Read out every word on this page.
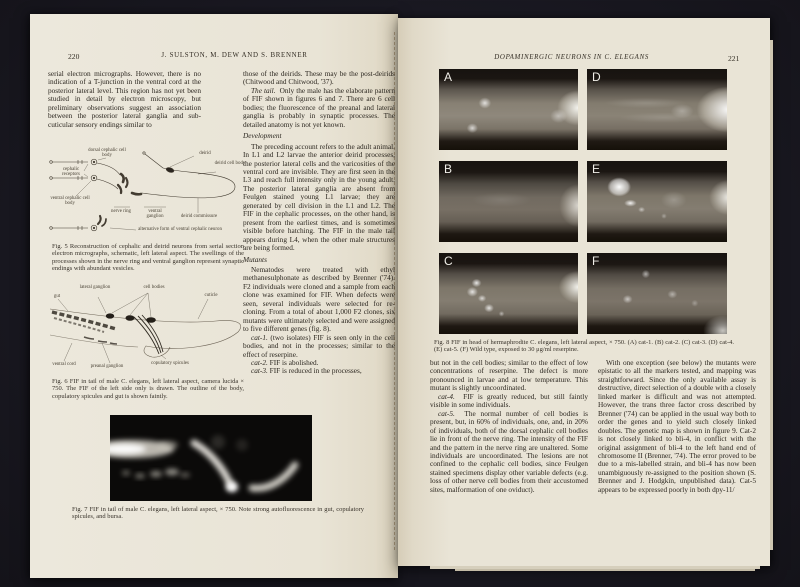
220	J. SULSTON, M. DEW AND S. BRENNER

serial electron micrographs. However, there is no indication of a T-junction in the ventral cord at the posterior lateral level. This region has not yet been studied in detail by electron microscopy, but preliminary observations suggest an association between the posterior lateral ganglia and sub-cuticular sensory endings similar to

dorsal cephalic cell body	deirid
deirid cell body
cephalic receptors
ventral cephalic cell body
nerve ring	ventral ganglion	deirid commissure
alternative form of ventral cephalic neuron
Fig. 5 Reconstruction of cephalic and deirid neurons from serial section electron micrographs, schematic, left lateral aspect. The swellings of the processes shown in the nerve ring and ventral ganglion represent synaptic endings with abundant vesicles.
gut
lateral ganglion	cell bodies
cuticle
ventral cord	preanal ganglion
copulatory spicules
Fig. 6 FIF in tail of male C. elegans, left lateral aspect, camera lucida × 750. The FIF of the left side only is drawn. The outline of the body, copulatory spicules and gut is shown faintly.

those of the deirids. These may be the post-deirids (Chitwood and Chitwood, '37).

The tail. Only the male has the elaborate pattern of FIF shown in figures 6 and 7. There are 6 cell bodies; the fluorescence of the preanal and lateral ganglia is probably in synaptic processes. The detailed anatomy is not yet known.

Development

The preceding account refers to the adult animal. In L1 and L2 larvae the anterior deirid processes, the posterior lateral cells and the varicosities of the ventral cord are invisible. They are first seen in the L3 and reach full intensity only in the young adult. The posterior lateral ganglia are absent from Feulgen stained young L1 larvae; they are generated by cell division in the L1 and L2. The FIF in the cephalic processes, on the other hand, is present from the earliest times, and is sometimes visible before hatching. The FIF in the male tail appears during L4, when the other male structures are being formed.

Mutants

Nematodes were treated with ethyl methanesulphonate as described by Brenner ('74). F2 individuals were cloned and a sample from each clone was examined for FIF. When defects were seen, several individuals were selected for re-cloning. From a total of about 1,000 F2 clones, six mutants were ultimately selected and were assigned to five different genes (fig. 8).

cat-1. (two isolates) FIF is seen only in the cell bodies, and not in the processes; similar to the effect of reserpine.

cat-2. FIF is abolished.

cat-3. FIF is reduced in the processes,

Fig. 7 FIF in tail of male C. elegans, left lateral aspect, × 750. Note strong autofluorescence in gut, copulatory spicules, and bursa.
DOPAMINERGIC NEURONS IN C. ELEGANS	221
A	D
B	E
C	F
Fig. 8 FIF in head of hermaphrodite C. elegans, left lateral aspect, × 750. (A) cat-1. (B) cat-2. (C) cat-3. (D) cat-4. (E) cat-5. (F) Wild type, exposed to 30 μg/ml reserpine.

but not in the cell bodies; similar to the effect of low concentrations of reserpine. The defect is more pronounced in larvae and at low temperature. This mutant is slightly uncoordinated.

cat-4. FIF is greatly reduced, but still faintly visible in some individuals.

cat-5. The normal number of cell bodies is present, but, in 60% of individuals, one, and, in 20% of individuals, both of the dorsal cephalic cell bodies lie in front of the nerve ring. The intensity of the FIF and the pattern in the nerve ring are unaltered. Some individuals are uncoordinated. The lesions are not confined to the cephalic cell bodies, since Feulgen stained specimens display other variable defects (e.g. loss of other nerve cell bodies from their accustomed sites, malformation of one oviduct).

With one exception (see below) the mutants were epistatic to all the markers tested, and mapping was straightforward. Since the only available assay is destructive, direct selection of a double with a closely linked marker is difficult and was not attempted. However, the trans three factor cross described by Brenner ('74) can be applied in the usual way both to order the genes and to yield such closely linked doubles. The genetic map is shown in figure 9. Cat-2 is not closely linked to bli-4, in conflict with the original assignment of bli-4 to the left hand end of chromosome II (Brenner, '74). The error proved to be due to a mis-labelled strain, and bli-4 has now been unambiguously re-assigned to the position shown (S. Brenner and J. Hodgkin, unpublished data). Cat-5 appears to be expressed poorly in both dpy-11/
